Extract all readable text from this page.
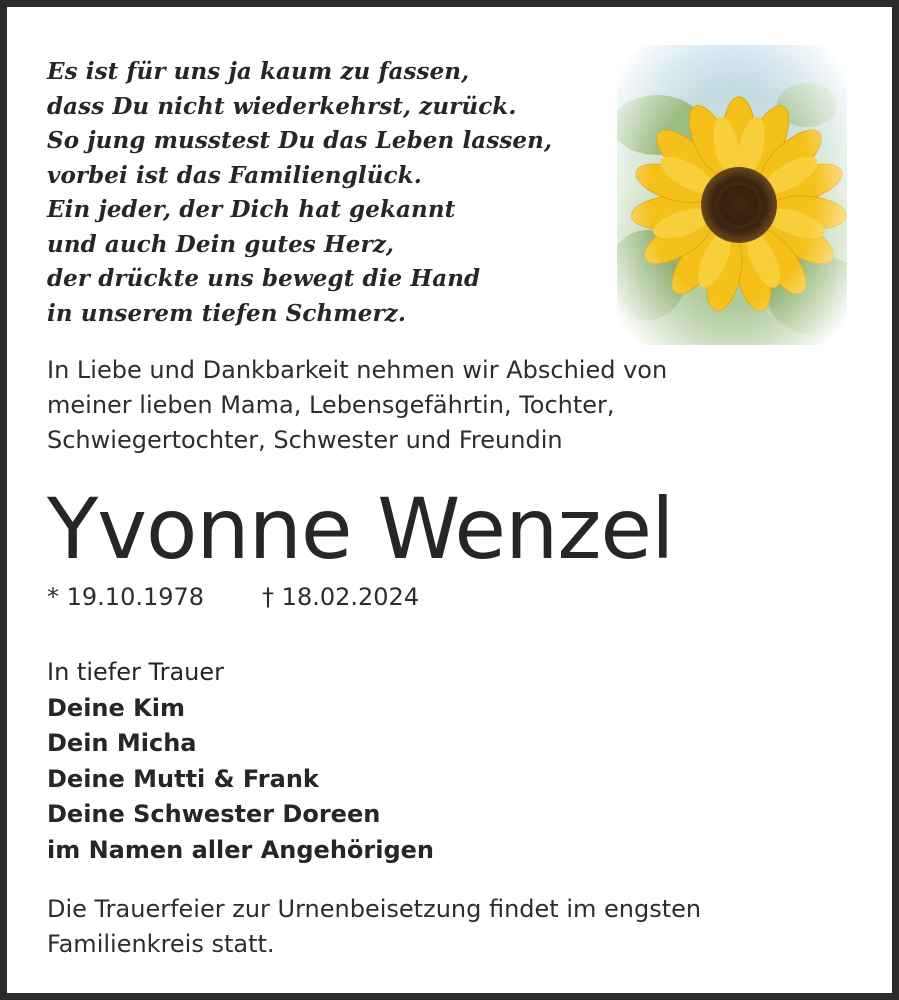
Es ist für uns ja kaum zu fassen,
dass Du nicht wiederkehrst, zurück.
So jung musstest Du das Leben lassen,
vorbei ist das Familienglück.
Ein jeder, der Dich hat gekannt
und auch Dein gutes Herz,
der drückte uns bewegt die Hand
in unserem tiefen Schmerz.
In Liebe und Dankbarkeit nehmen wir Abschied von
meiner lieben Mama, Lebensgefährtin, Tochter,
Schwiegertochter, Schwester und Freundin
Yvonne Wenzel
* 19.10.1978 † 18.02.2024
In tiefer Trauer
Deine Kim
Dein Micha
Deine Mutti & Frank
Deine Schwester Doreen
im Namen aller Angehörigen
Die Trauerfeier zur Urnenbeisetzung findet im engsten
Familienkreis statt.
